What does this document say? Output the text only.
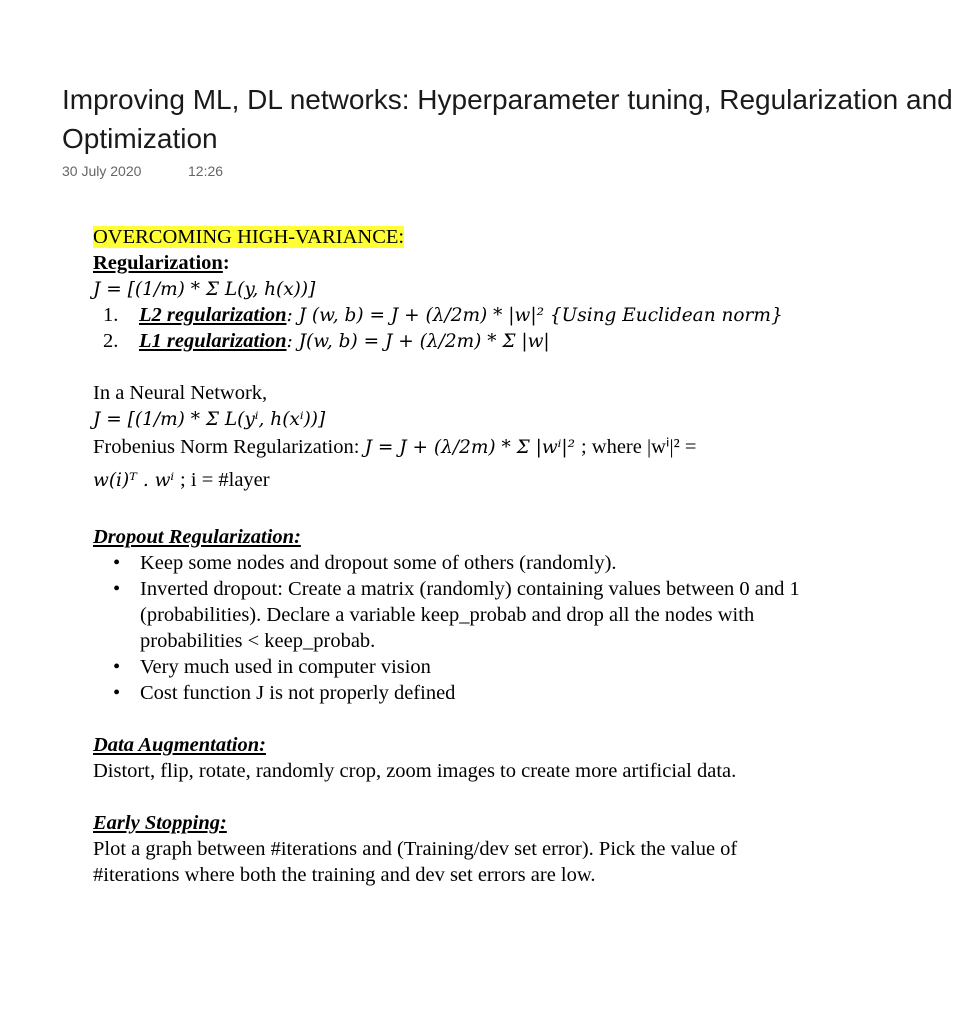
Improving ML, DL networks: Hyperparameter tuning, Regularization and
Optimization
30 July 2020	12:26
OVERCOMING HIGH-VARIANCE:
Regularization:
J = [(1/m) * Σ L(y, h(x))]
1. L2 regularization: J (w, b) = J + (λ/2m) * |w|² {Using Euclidean norm}
2. L1 regularization: J(w, b) = J + (λ/2m) * Σ |w|
In a Neural Network,
J = [(1/m) * Σ L(yⁱ, h(xⁱ))]
Frobenius Norm Regularization: J = J + (λ/2m) * Σ |wⁱ|² ; where |wⁱ|² =
w(i)ᵀ . wⁱ ; i = #layer
Dropout Regularization:
• Keep some nodes and dropout some of others (randomly).
• Inverted dropout: Create a matrix (randomly) containing values between 0 and 1
(probabilities). Declare a variable keep_probab and drop all the nodes with
probabilities < keep_probab.
• Very much used in computer vision
• Cost function J is not properly defined
Data Augmentation:
Distort, flip, rotate, randomly crop, zoom images to create more artificial data.
Early Stopping:
Plot a graph between #iterations and (Training/dev set error). Pick the value of
#iterations where both the training and dev set errors are low.
